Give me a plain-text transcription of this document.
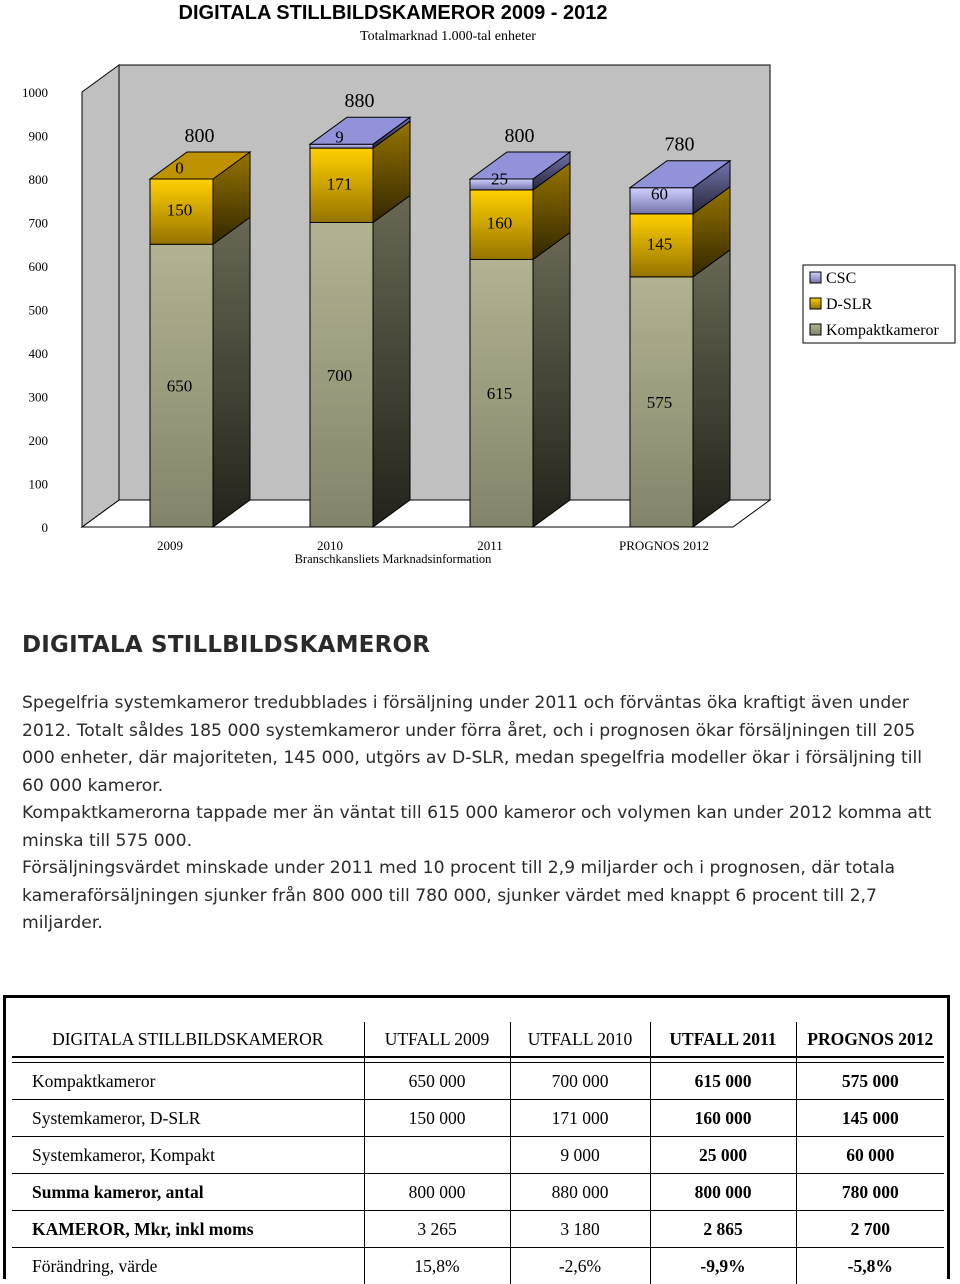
DIGITALA STILLBILDSKAMEROR 2009 - 2012
Totalmarknad 1.000-tal enheter
0
100
200
300
400
500
600
700
800
900
1000
650
150
0
800
2009
700
171
9
880
2010
615
160
25
800
2011
575
145
60
780
PROGNOS 2012
Branschkansliets Marknadsinformation
CSC
D-SLR
Kompaktkameror
DIGITALA STILLBILDSKAMEROR

Spegelfria systemkameror tredubblades i försäljning under 2011 och förväntas öka kraftigt även under 2012. Totalt såldes 185 000 systemkameror under förra året, och i prognosen ökar försäljningen till 205 000 enheter, där majoriteten, 145 000, utgörs av D-SLR, medan spegelfria modeller ökar i försäljning till 60 000 kameror.

Kompaktkamerorna tappade mer än väntat till 615 000 kameror och volymen kan under 2012 komma att minska till 575 000.

Försäljningsvärdet minskade under 2011 med 10 procent till 2,9 miljarder och i prognosen, där totala kameraförsäljningen sjunker från 800 000 till 780 000, sjunker värdet med knappt 6 procent till 2,7 miljarder.

DIGITALA STILLBILDSKAMEROR	UTFALL 2009	UTFALL 2010	UTFALL 2011	PROGNOS 2012

Kompaktkameror	650 000	700 000	615 000	575 000
Systemkameror, D-SLR	150 000	171 000	160 000	145 000
Systemkameror, Kompakt		9 000	25 000	60 000
Summa kameror, antal	800 000	880 000	800 000	780 000
KAMEROR, Mkr, inkl moms	3 265	3 180	2 865	2 700
Förändring, värde	15,8%	-2,6%	-9,9%	-5,8%
